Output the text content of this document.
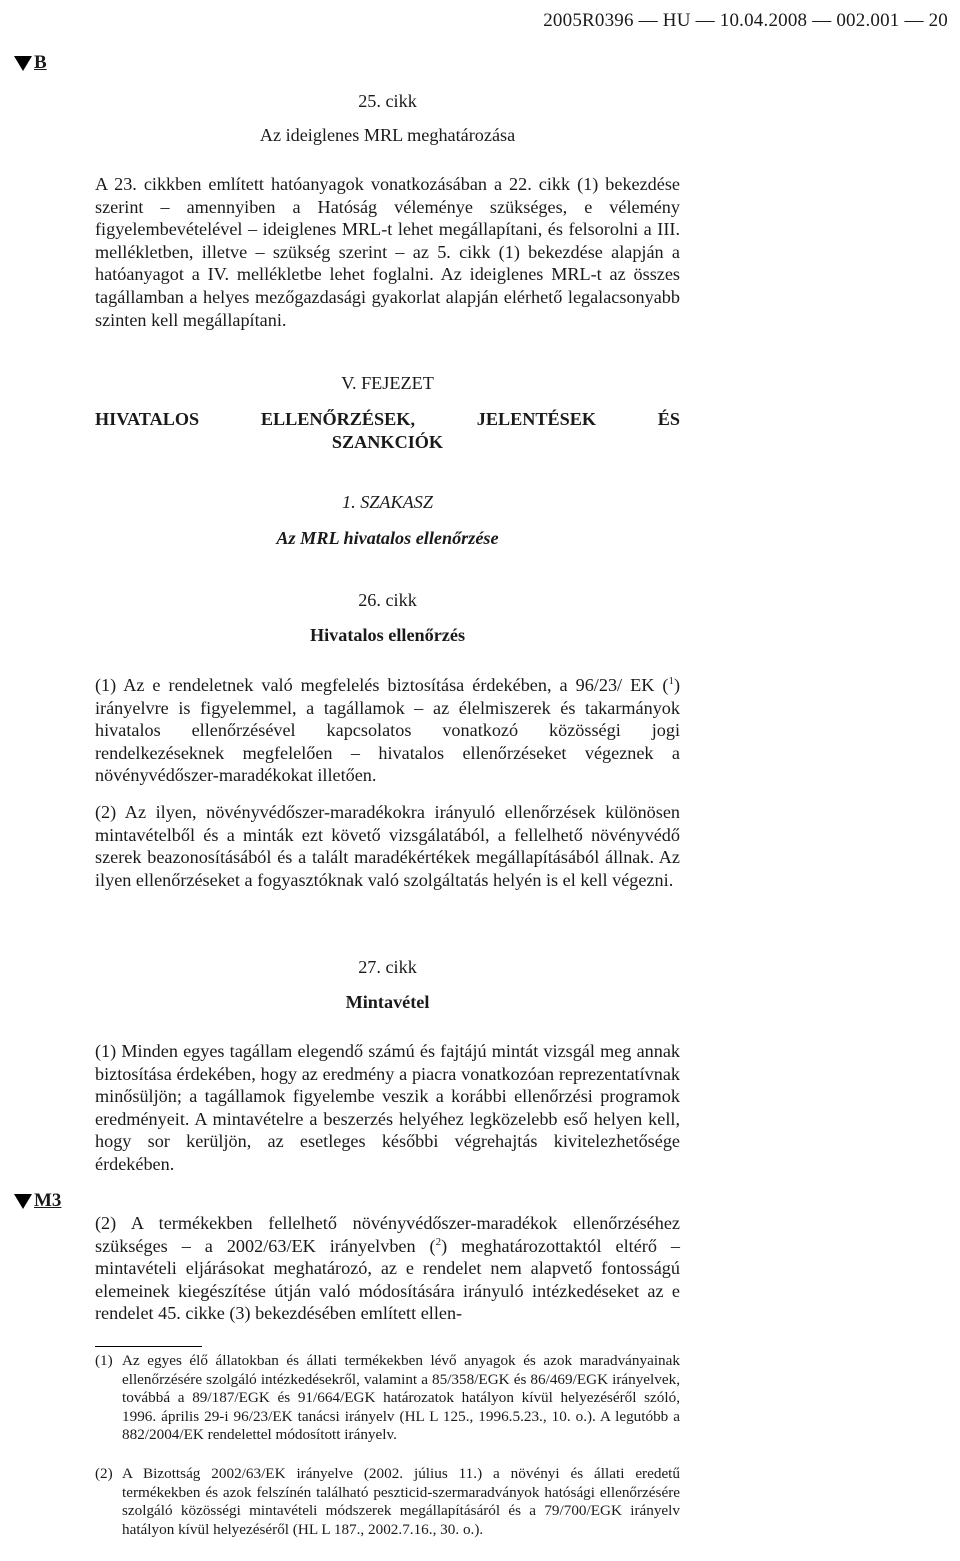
2005R0396 — HU — 10.04.2008 — 002.001 — 20
B
25. cikk
Az ideiglenes MRL meghatározása

A 23. cikkben említett hatóanyagok vonatkozásában a 22. cikk (1) bekezdése szerint – amennyiben a Hatóság véleménye szükséges, e vélemény figyelembevételével – ideiglenes MRL-t lehet megállapítani, és felsorolni a III. mellékletben, illetve – szükség szerint – az 5. cikk (1) bekezdése alapján a hatóanyagot a IV. mellékletbe lehet foglalni. Az ideiglenes MRL-t az összes tagállamban a helyes mezőgazdasági gyakorlat alapján elérhető legalacsonyabb szinten kell megállapítani.

V. FEJEZET
HIVATALOS ELLENŐRZÉSEK, JELENTÉSEK ÉS
SZANKCIÓK
1. SZAKASZ
Az MRL hivatalos ellenőrzése
26. cikk
Hivatalos ellenőrzés

(1) Az e rendeletnek való megfelelés biztosítása érdekében, a 96/23/ EK ($^1$) irányelvre is figyelemmel, a tagállamok – az élelmiszerek és takarmányok hivatalos ellenőrzésével kapcsolatos vonatkozó közösségi jogi rendelkezéseknek megfelelően – hivatalos ellenőrzéseket végeznek a növényvédőszer-maradékokat illetően.

(2) Az ilyen, növényvédőszer-maradékokra irányuló ellenőrzések különösen mintavételből és a minták ezt követő vizsgálatából, a fellelhető növényvédő szerek beazonosításából és a talált maradékértékek megállapításából állnak. Az ilyen ellenőrzéseket a fogyasztóknak való szolgáltatás helyén is el kell végezni.

27. cikk
Mintavétel

(1) Minden egyes tagállam elegendő számú és fajtájú mintát vizsgál meg annak biztosítása érdekében, hogy az eredmény a piacra vonatkozóan reprezentatívnak minősüljön; a tagállamok figyelembe veszik a korábbi ellenőrzési programok eredményeit. A mintavételre a beszerzés helyéhez legközelebb eső helyen kell, hogy sor kerüljön, az esetleges későbbi végrehajtás kivitelezhetősége érdekében.

M3

(2) A termékekben fellelhető növényvédőszer-maradékok ellenőrzéséhez szükséges – a 2002/63/EK irányelvben ($^2$) meghatározottaktól eltérő – mintavételi eljárásokat meghatározó, az e rendelet nem alapvető fontosságú elemeinek kiegészítése útján való módosítására irányuló intézkedéseket az e rendelet 45. cikke (3) bekezdésében említett ellen-

(1) Az egyes élő állatokban és állati termékekben lévő anyagok és azok maradványainak ellenőrzésére szolgáló intézkedésekről, valamint a 85/358/EGK és 86/469/EGK irányelvek, továbbá a 89/187/EGK és 91/664/EGK határozatok hatályon kívül helyezéséről szóló, 1996. április 29-i 96/23/EK tanácsi irányelv (HL L 125., 1996.5.23., 10. o.). A legutóbb a 882/2004/EK rendelettel módosított irányelv.
(2) A Bizottság 2002/63/EK irányelve (2002. július 11.) a növényi és állati eredetű termékekben és azok felszínén található peszticid-szermaradványok hatósági ellenőrzésére szolgáló közösségi mintavételi módszerek megállapításáról és a 79/700/EGK irányelv hatályon kívül helyezéséről (HL L 187., 2002.7.16., 30. o.).
